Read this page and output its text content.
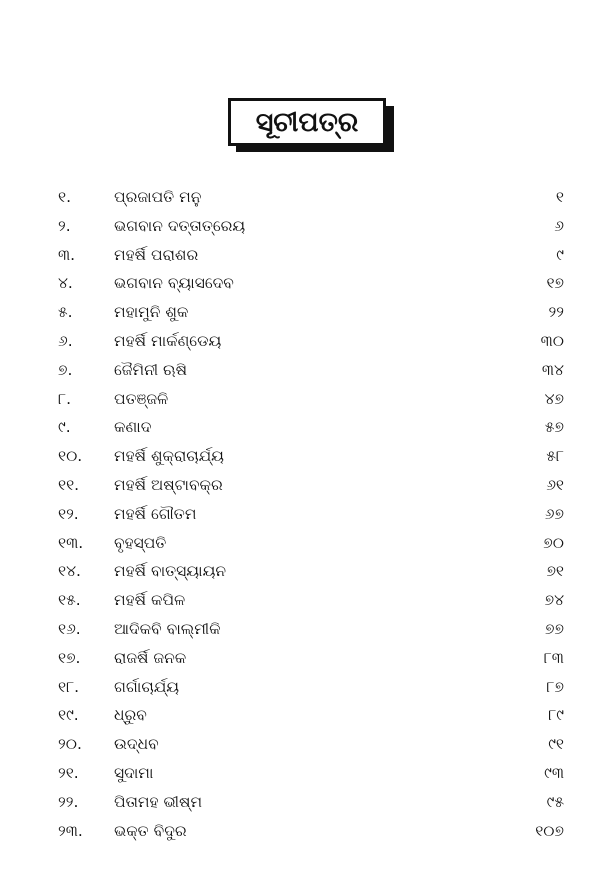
ସୂଚୀପତ୍ର
୧.	ପ୍ରଜାପତି ମନୁ	୧
୨.	ଭଗବାନ ଦତ୍ତାତ୍ରେୟ	୬
୩.	ମହର୍ଷି ପରାଶର	୯
୪.	ଭଗବାନ ବ୍ୟାସଦେବ	୧୭
୫.	ମହାମୁନି ଶୁକ	୨୨
୬.	ମହର୍ଷି ମାର୍କଣ୍ଡେୟ	୩୦
୭.	ଜୈମିନୀ ଋଷି	୩୪
୮.	ପତଞ୍ଜଳି	୪୭
୯.	କଣାଦ	୫୭
୧୦. ମହର୍ଷି ଶୁକ୍ରାଚାର୍ଯ୍ୟ	୫୮
୧୧. ମହର୍ଷି ଅଷ୍ଟାବକ୍ର	୬୧
୧୨. ମହର୍ଷି ଗୌତମ	୬୭
୧୩. ବୃହସ୍ପତି	୭୦
୧୪. ମହର୍ଷି ବାତ୍ସ୍ୟାୟନ	୭୧
୧୫. ମହର୍ଷି କପିଳ	୭୪
୧୬. ଆଦିକବି ବାଲ୍ମୀକି	୭୭
୧୭. ରାଜର୍ଷି ଜନକ	୮୩
୧୮. ଗର୍ଗାଚାର୍ଯ୍ୟ	୮୭
୧୯. ଧ୍ରୁବ	୮୯
୨୦. ଉଦ୍ଧବ	୯୧
୨୧. ସୁଦାମା	୯୩
୨୨. ପିତାମହ ଭୀଷ୍ମ	୯୫
୨୩. ଭକ୍ତ ବିଦୁର	୧୦୭
